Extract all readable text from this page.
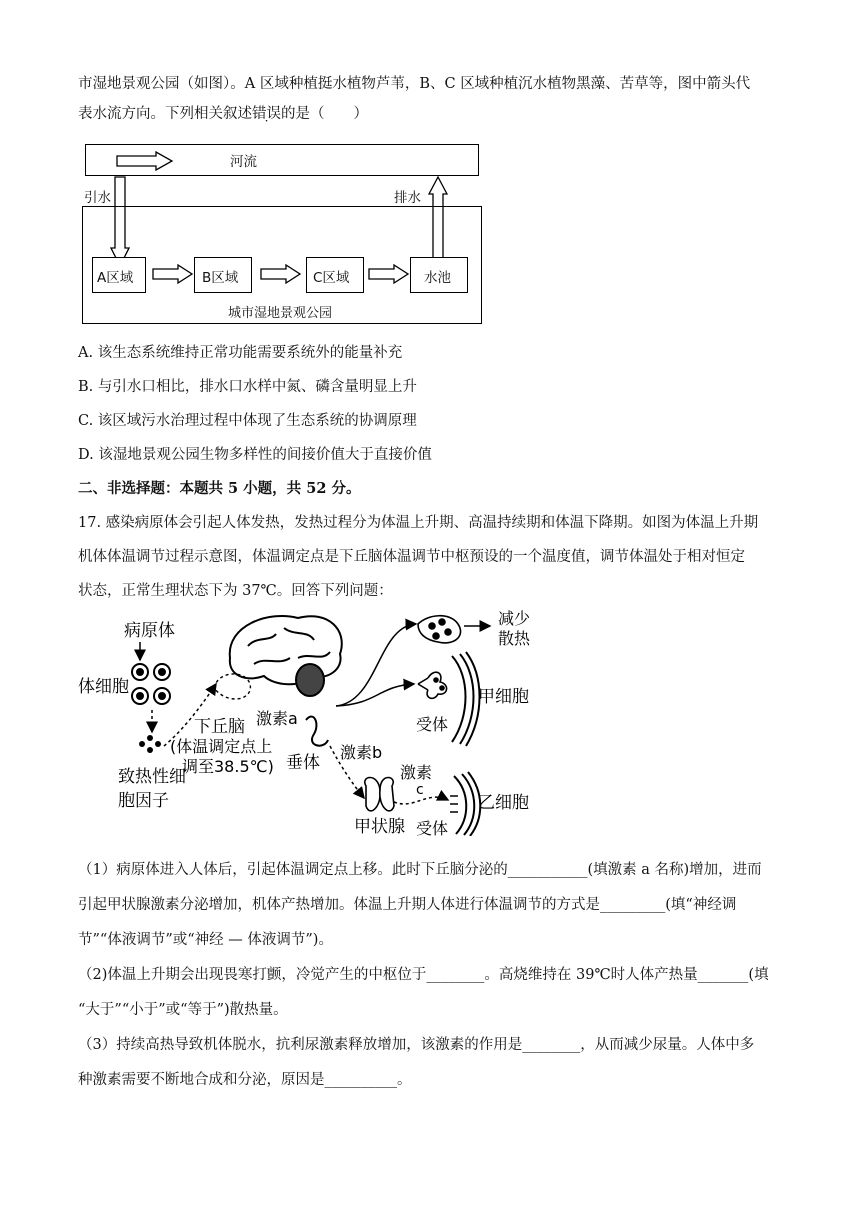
市湿地景观公园（如图）。A 区域种植挺水植物芦苇，B、C 区域种植沉水植物黑藻、苦草等，图中箭头代
表水流方向。下列相关叙述错误的是（　　）
河流
引水	排水
A区域	B区域	C区域	水池
城市湿地景观公园
A. 该生态系统维持正常功能需要系统外的能量补充
B. 与引水口相比，排水口水样中氮、磷含量明显上升
C. 该区域污水治理过程中体现了生态系统的协调原理
D. 该湿地景观公园生物多样性的间接价值大于直接价值
二、非选择题：本题共 5 小题，共 52 分。
17. 感染病原体会引起人体发热，发热过程分为体温上升期、高温持续期和体温下降期。如图为体温上升期
机体体温调节过程示意图，体温调定点是下丘脑体温调节中枢预设的一个温度值，调节体温处于相对恒定
状态，正常生理状态下为 37℃。回答下列问题：
病原体
体细胞
致热性细
胞因子
下丘脑
(体温调定点上
调至38.5℃)
激素a
垂体
激素b
甲状腺
激素
c
减少
散热
受体
甲细胞
乙细胞
受体
（1）病原体进入人体后，引起体温调定点上移。此时下丘脑分泌的___________(填激素 a 名称)增加，进而
引起甲状腺激素分泌增加，机体产热增加。体温上升期人体进行体温调节的方式是_________(填“神经调
节”“体液调节”或“神经 — 体液调节”)。
（2)体温上升期会出现畏寒打颤，冷觉产生的中枢位于________。高烧维持在 39℃时人体产热量_______(填
“大于”“小于”或“等于”)散热量。
（3）持续高热导致机体脱水，抗利尿激素释放增加，该激素的作用是________，从而减少尿量。人体中多
种激素需要不断地合成和分泌，原因是__________。
